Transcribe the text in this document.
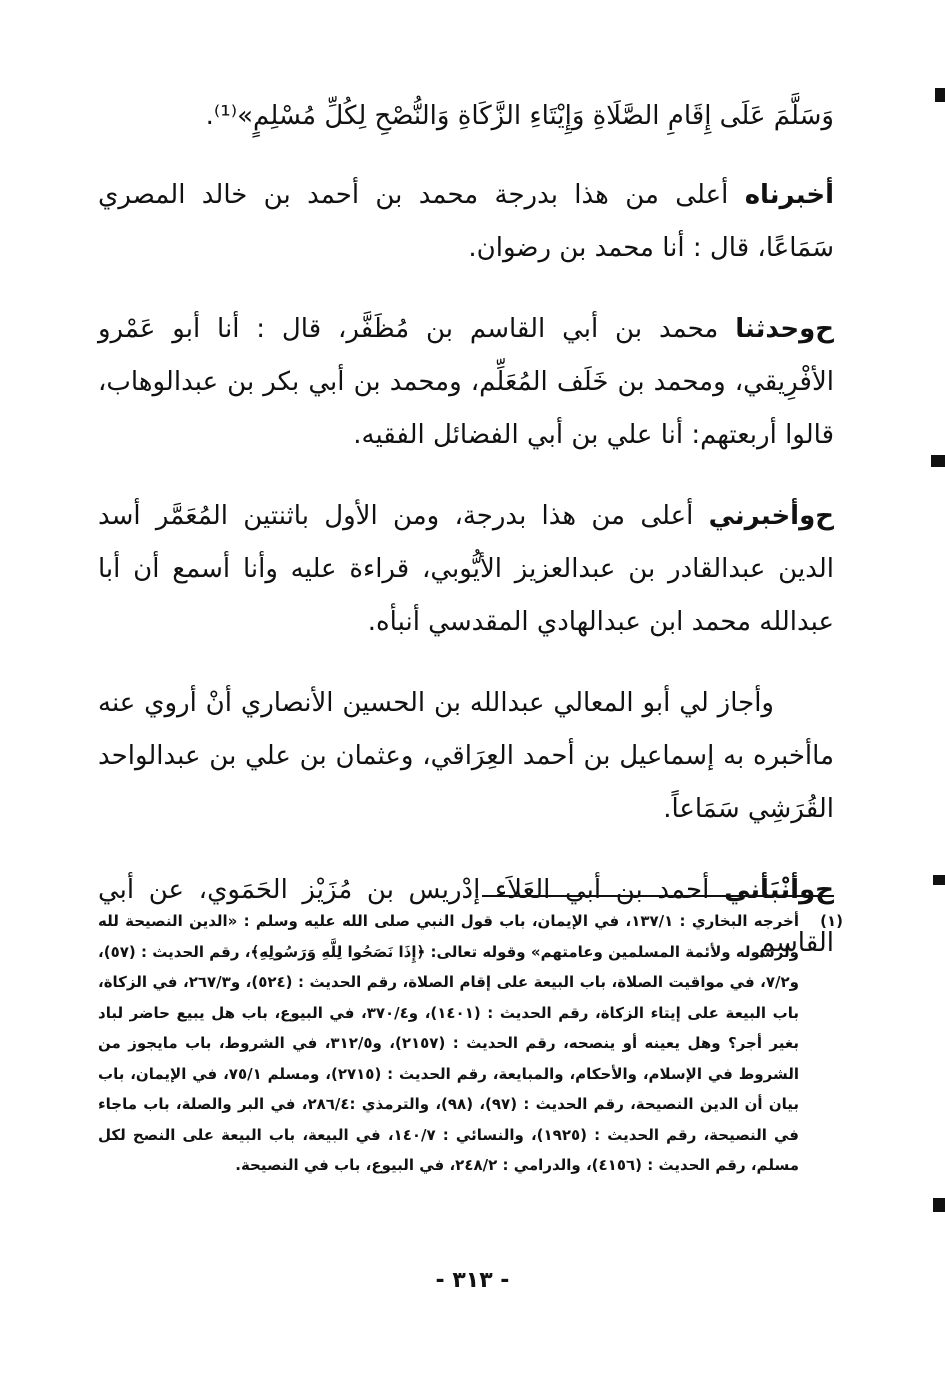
وَسَلَّمَ عَلَى إِقَامِ الصَّلَاةِ وَإِيْتَاءِ الزَّكَاةِ وَالنُّصْحِ لِكُلِّ مُسْلِمٍ»⁽¹⁾.

أخبرناه أعلى من هذا بدرجة محمد بن أحمد بن خالد المصري سَمَاعًا، قال : أنا محمد بن رضوان.

ح‌وحدثنا محمد بن أبي القاسم بن مُظَفَّر، قال : أنا أبو عَمْرو الأفْرِيقي، ومحمد بن خَلَف المُعَلِّم، ومحمد بن أبي بكر بن عبدالوهاب، قالوا أربعتهم: أنا علي بن أبي الفضائل الفقيه.

ح‌وأخبرني أعلى من هذا بدرجة، ومن الأول باثنتين المُعَمَّر أسد الدين عبدالقادر بن عبدالعزيز الأيُّوبي، قراءة عليه وأنا أسمع أن أبا عبدالله محمد ابن عبدالهادي المقدسي أنبأه.

وأجاز لي أبو المعالي عبدالله بن الحسين الأنصاري أنْ أروي عنه ماأخبره به إسماعيل بن أحمد العِرَاقي، وعثمان بن علي بن عبدالواحد القُرَشِي سَمَاعاً.

ح‌وأنْبَأني أحمد بن أبي العَلاَء إدْريس بن مُزَيْز الحَمَوي، عن أبي القاسم

(١)
أخرجه البخاري : ١٣٧/١، في الإيمان، باب قول النبي صلى الله عليه وسلم : «الدين النصيحة لله ولرسوله ولأئمة المسلمين وعامتهم» وقوله تعالى: ﴿إِذَا نَصَحُوا لِلَّهِ وَرَسُولِهِ﴾، رقم الحديث : (٥٧)، و٧/٢، في مواقيت الصلاة، باب البيعة على إقام الصلاة، رقم الحديث : (٥٢٤)، و٢٦٧/٣، في الزكاة، باب البيعة على إيتاء الزكاة، رقم الحديث : (١٤٠١)، و٣٧٠/٤، في البيوع، باب هل يبيع حاضر لباد بغير أجر؟ وهل يعينه أو ينصحه، رقم الحديث : (٢١٥٧)، و٣١٢/٥، في الشروط، باب مايجوز من الشروط في الإسلام، والأحكام، والمبايعة، رقم الحديث : (٢٧١٥)، ومسلم ٧٥/١، في الإيمان، باب بيان أن الدين النصيحة، رقم الحديث : (٩٧)، (٩٨)، والترمذي :٢٨٦/٤، في البر والصلة، باب ماجاء في النصيحة، رقم الحديث : (١٩٢٥)، والنسائي : ١٤٠/٧، في البيعة، باب البيعة على النصح لكل مسلم، رقم الحديث : (٤١٥٦)، والدرامي : ٢٤٨/٢، في البيوع، باب في النصيحة.
- ٣١٣ -
